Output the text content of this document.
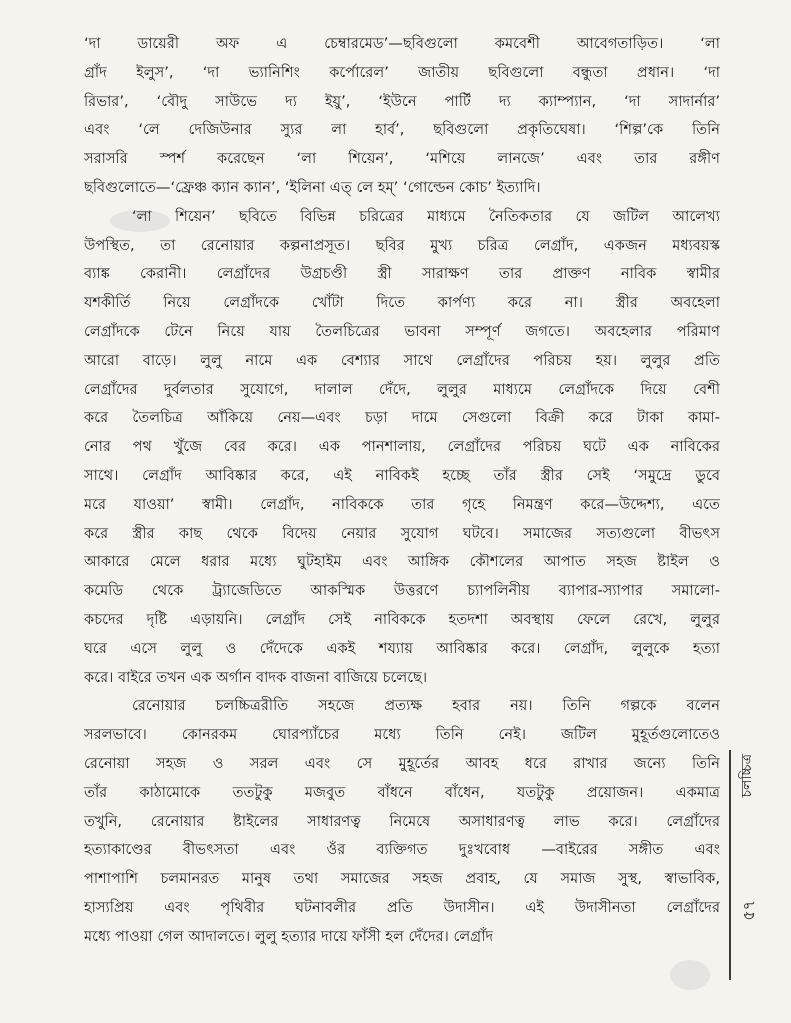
‘দা ডায়েরী অফ এ চেম্বারমেড’—ছবিগুলো কমবেশী আবেগতাড়িত। ‘লা
গ্রাঁদ ইলুস’, ‘দা ভ্যানিশিং কর্পোরেল’ জাতীয় ছবিগুলো বন্ধুতা প্রধান। ‘দা
রিভার’, ‘বৌদু সাউভে দ্য ইয়ু’, ‘ইউনে পার্টি দ্য ক্যাম্প্যান, ‘দা সাদার্নার’
এবং ‘লে দেজিউনার স্যুর লা হার্ব’, ছবিগুলো প্রকৃতিঘেষা। ‘শিল্প’কে তিনি
সরাসরি স্পর্শ করেছেন ‘লা শিয়েন’, ‘মশিয়ে লানজে’ এবং তার রঙ্গীণ
ছবিগুলোতে—‘ফ্রেঞ্চ ক্যান ক্যান’, ‘ইলিনা এত্ লে হম্’ ‘গোল্ডেন কোচ’ ইত্যাদি।
‘লা শিয়েন’ ছবিতে বিভিন্ন চরিত্রের মাধ্যমে নৈতিকতার যে জটিল আলেখ্য
উপস্থিত, তা রেনোয়ার কল্পনাপ্রসূত। ছবির মুখ্য চরিত্র লেগ্রাঁদ, একজন মধ্যবয়স্ক
ব্যাঙ্ক কেরানী। লেগ্রাঁদের উগ্রচণ্ডী স্ত্রী সারাক্ষণ তার প্রাক্তণ নাবিক স্বামীর
যশকীর্তি নিয়ে লেগ্রাঁদকে খোঁটা দিতে কার্পণ্য করে না। স্ত্রীর অবহেলা
লেগ্রাঁদকে টেনে নিয়ে যায় তৈলচিত্রের ভাবনা সম্পূর্ণ জগতে। অবহেলার পরিমাণ
আরো বাড়ে। লুলু নামে এক বেশ্যার সাথে লেগ্রাঁদের পরিচয় হয়। লুলুর প্রতি
লেগ্রাঁদের দুর্বলতার সুযোগে, দালাল দেঁদে, লুলুর মাধ্যমে লেগ্রাঁদকে দিয়ে বেশী
করে তৈলচিত্র আঁকিয়ে নেয়—এবং চড়া দামে সেগুলো বিক্রী করে টাকা কামা-
নোর পথ খুঁজে বের করে। এক পানশালায়, লেগ্রাঁদের পরিচয় ঘটে এক নাবিকের
সাথে। লেগ্রাঁদ আবিষ্কার করে, এই নাবিকই হচ্ছে তাঁর স্ত্রীর সেই ‘সমুদ্রে ডুবে
মরে যাওয়া’ স্বামী। লেগ্রাঁদ, নাবিককে তার গৃহে নিমন্ত্রণ করে—উদ্দেশ্য, এতে
করে স্ত্রীর কাছ থেকে বিদেয় নেয়ার সুযোগ ঘটবে। সমাজের সত্যগুলো বীভৎস
আকারে মেলে ধরার মধ্যে ঘুটহাইম এবং আঙ্গিক কৌশলের আপাত সহজ ষ্টাইল ও
কমেডি থেকে ট্র্যাজেডিতে আকস্মিক উত্তরণে চ্যাপলিনীয় ব্যাপার-স্যাপার সমালো-
কচদের দৃষ্টি এড়ায়নি। লেগ্রাঁদ সেই নাবিককে হতদশা অবস্থায় ফেলে রেখে, লুলুর
ঘরে এসে লুলু ও দেঁদেকে একই শয্যায় আবিষ্কার করে। লেগ্রাঁদ, লুলুকে হত্যা
করে। বাইরে তখন এক অর্গান বাদক বাজনা বাজিয়ে চলেছে।
রেনোয়ার চলচ্চিত্ররীতি সহজে প্রত্যক্ষ হবার নয়। তিনি গল্পকে বলেন
সরলভাবে। কোনরকম ঘোরপ্যাঁচের মধ্যে তিনি নেই। জটিল মুহূর্তগুলোতেও
রেনোয়া সহজ ও সরল এবং সে মুহূর্তের আবহ ধরে রাখার জন্যে তিনি
তাঁর কাঠামোকে ততটুকু মজবুত বাঁধনে বাঁধেন, যতটুকু প্রয়োজন। একমাত্র
তখুনি, রেনোয়ার ষ্টাইলের সাধারণত্ব নিমেষে অসাধারণত্ব লাভ করে। লেগ্রাঁদের
হত্যাকাণ্ডের বীভৎসতা এবং ওঁর ব্যক্তিগত দুঃখবোধ —বাইরের সঙ্গীত এবং
পাশাপাশি চলমানরত মানুষ তথা সমাজের সহজ প্রবাহ, যে সমাজ সুস্থ, স্বাভাবিক,
হাস্যপ্রিয় এবং পৃথিবীর ঘটনাবলীর প্রতি উদাসীন। এই উদাসীনতা লেগ্রাঁদের
মধ্যে পাওয়া গেল আদালতে। লুলু হত্যার দায়ে ফাঁসী হল দেঁদের। লেগ্রাঁদ
চলচ্চিত্র
৫৭
